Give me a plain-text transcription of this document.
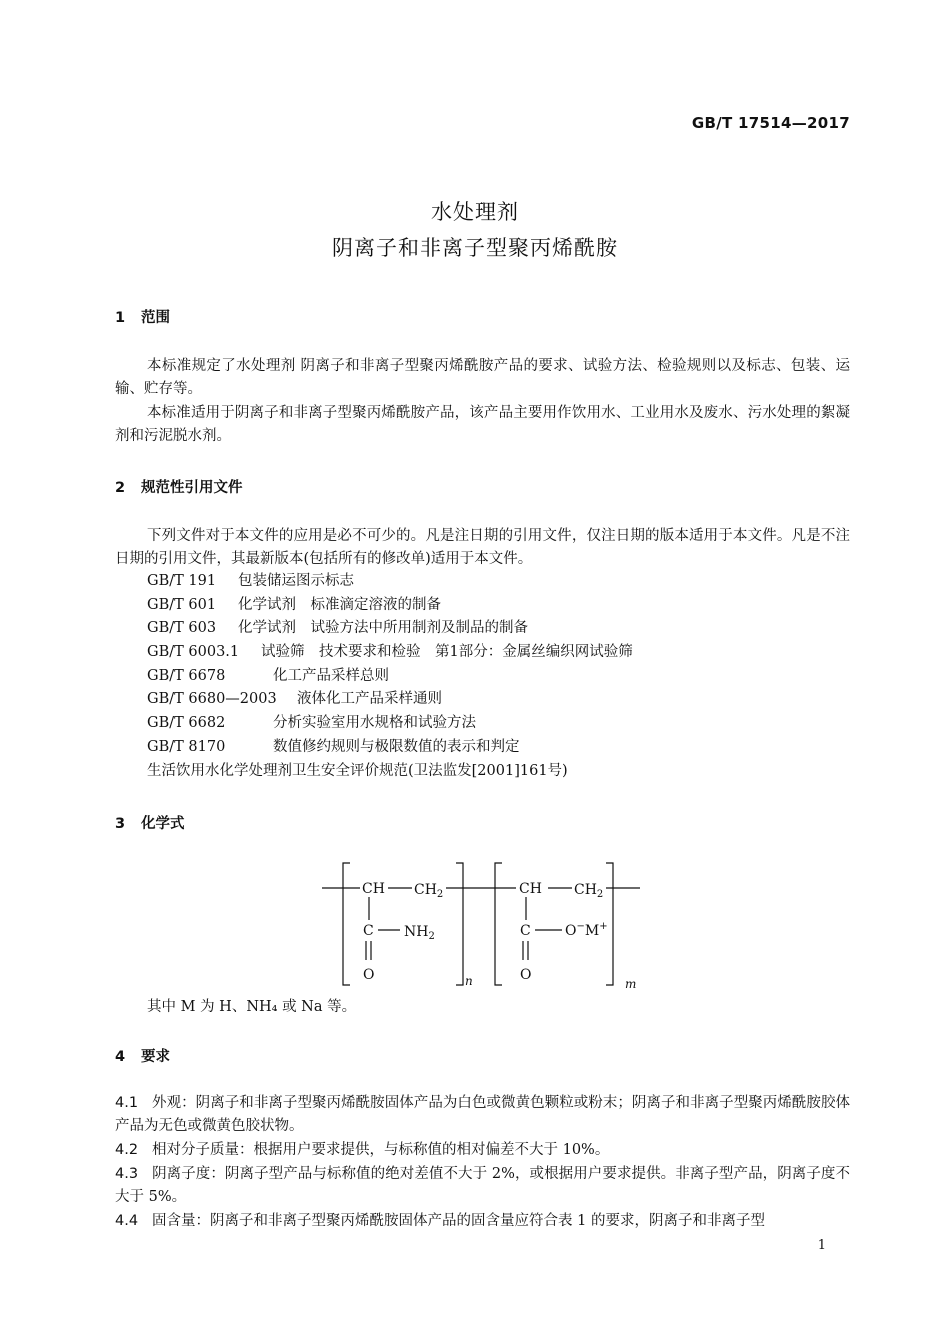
GB/T 17514—2017
水处理剂
阴离子和非离子型聚丙烯酰胺
1 范围
本标准规定了水处理剂 阴离子和非离子型聚丙烯酰胺产品的要求、试验方法、检验规则以及标志、包装、运输、贮存等。
本标准适用于阴离子和非离子型聚丙烯酰胺产品，该产品主要用作饮用水、工业用水及废水、污水处理的絮凝剂和污泥脱水剂。
2 规范性引用文件
下列文件对于本文件的应用是必不可少的。凡是注日期的引用文件，仅注日期的版本适用于本文件。凡是不注日期的引用文件，其最新版本(包括所有的修改单)适用于本文件。
GB/T 191 包装储运图示标志
GB/T 601 化学试剂　标准滴定溶液的制备
GB/T 603 化学试剂　试验方法中所用制剂及制品的制备
GB/T 6003.1 试验筛　技术要求和检验　第1部分：金属丝编织网试验筛
GB/T 6678	化工产品采样总则
GB/T 6680—2003 液体化工产品采样通则
GB/T 6682	分析实验室用水规格和试验方法
GB/T 8170	数值修约规则与极限数值的表示和判定
生活饮用水化学处理剂卫生安全评价规范(卫法监发[2001]161号)
3 化学式
CH $CH_2$
C $NH_2$
O	n
CH $CH_2$
C O−M+
O
m
其中 M 为 H、NH₄ 或 Na 等。
4 要求
4.1 外观：阴离子和非离子型聚丙烯酰胺固体产品为白色或微黄色颗粒或粉末；阴离子和非离子型聚丙烯酰胺胶体产品为无色或微黄色胶状物。
4.2 相对分子质量：根据用户要求提供，与标称值的相对偏差不大于 10%。
4.3 阴离子度：阴离子型产品与标称值的绝对差值不大于 2%，或根据用户要求提供。非离子型产品，阴离子度不大于 5%。
4.4 固含量：阴离子和非离子型聚丙烯酰胺固体产品的固含量应符合表 1 的要求，阴离子和非离子型
1
